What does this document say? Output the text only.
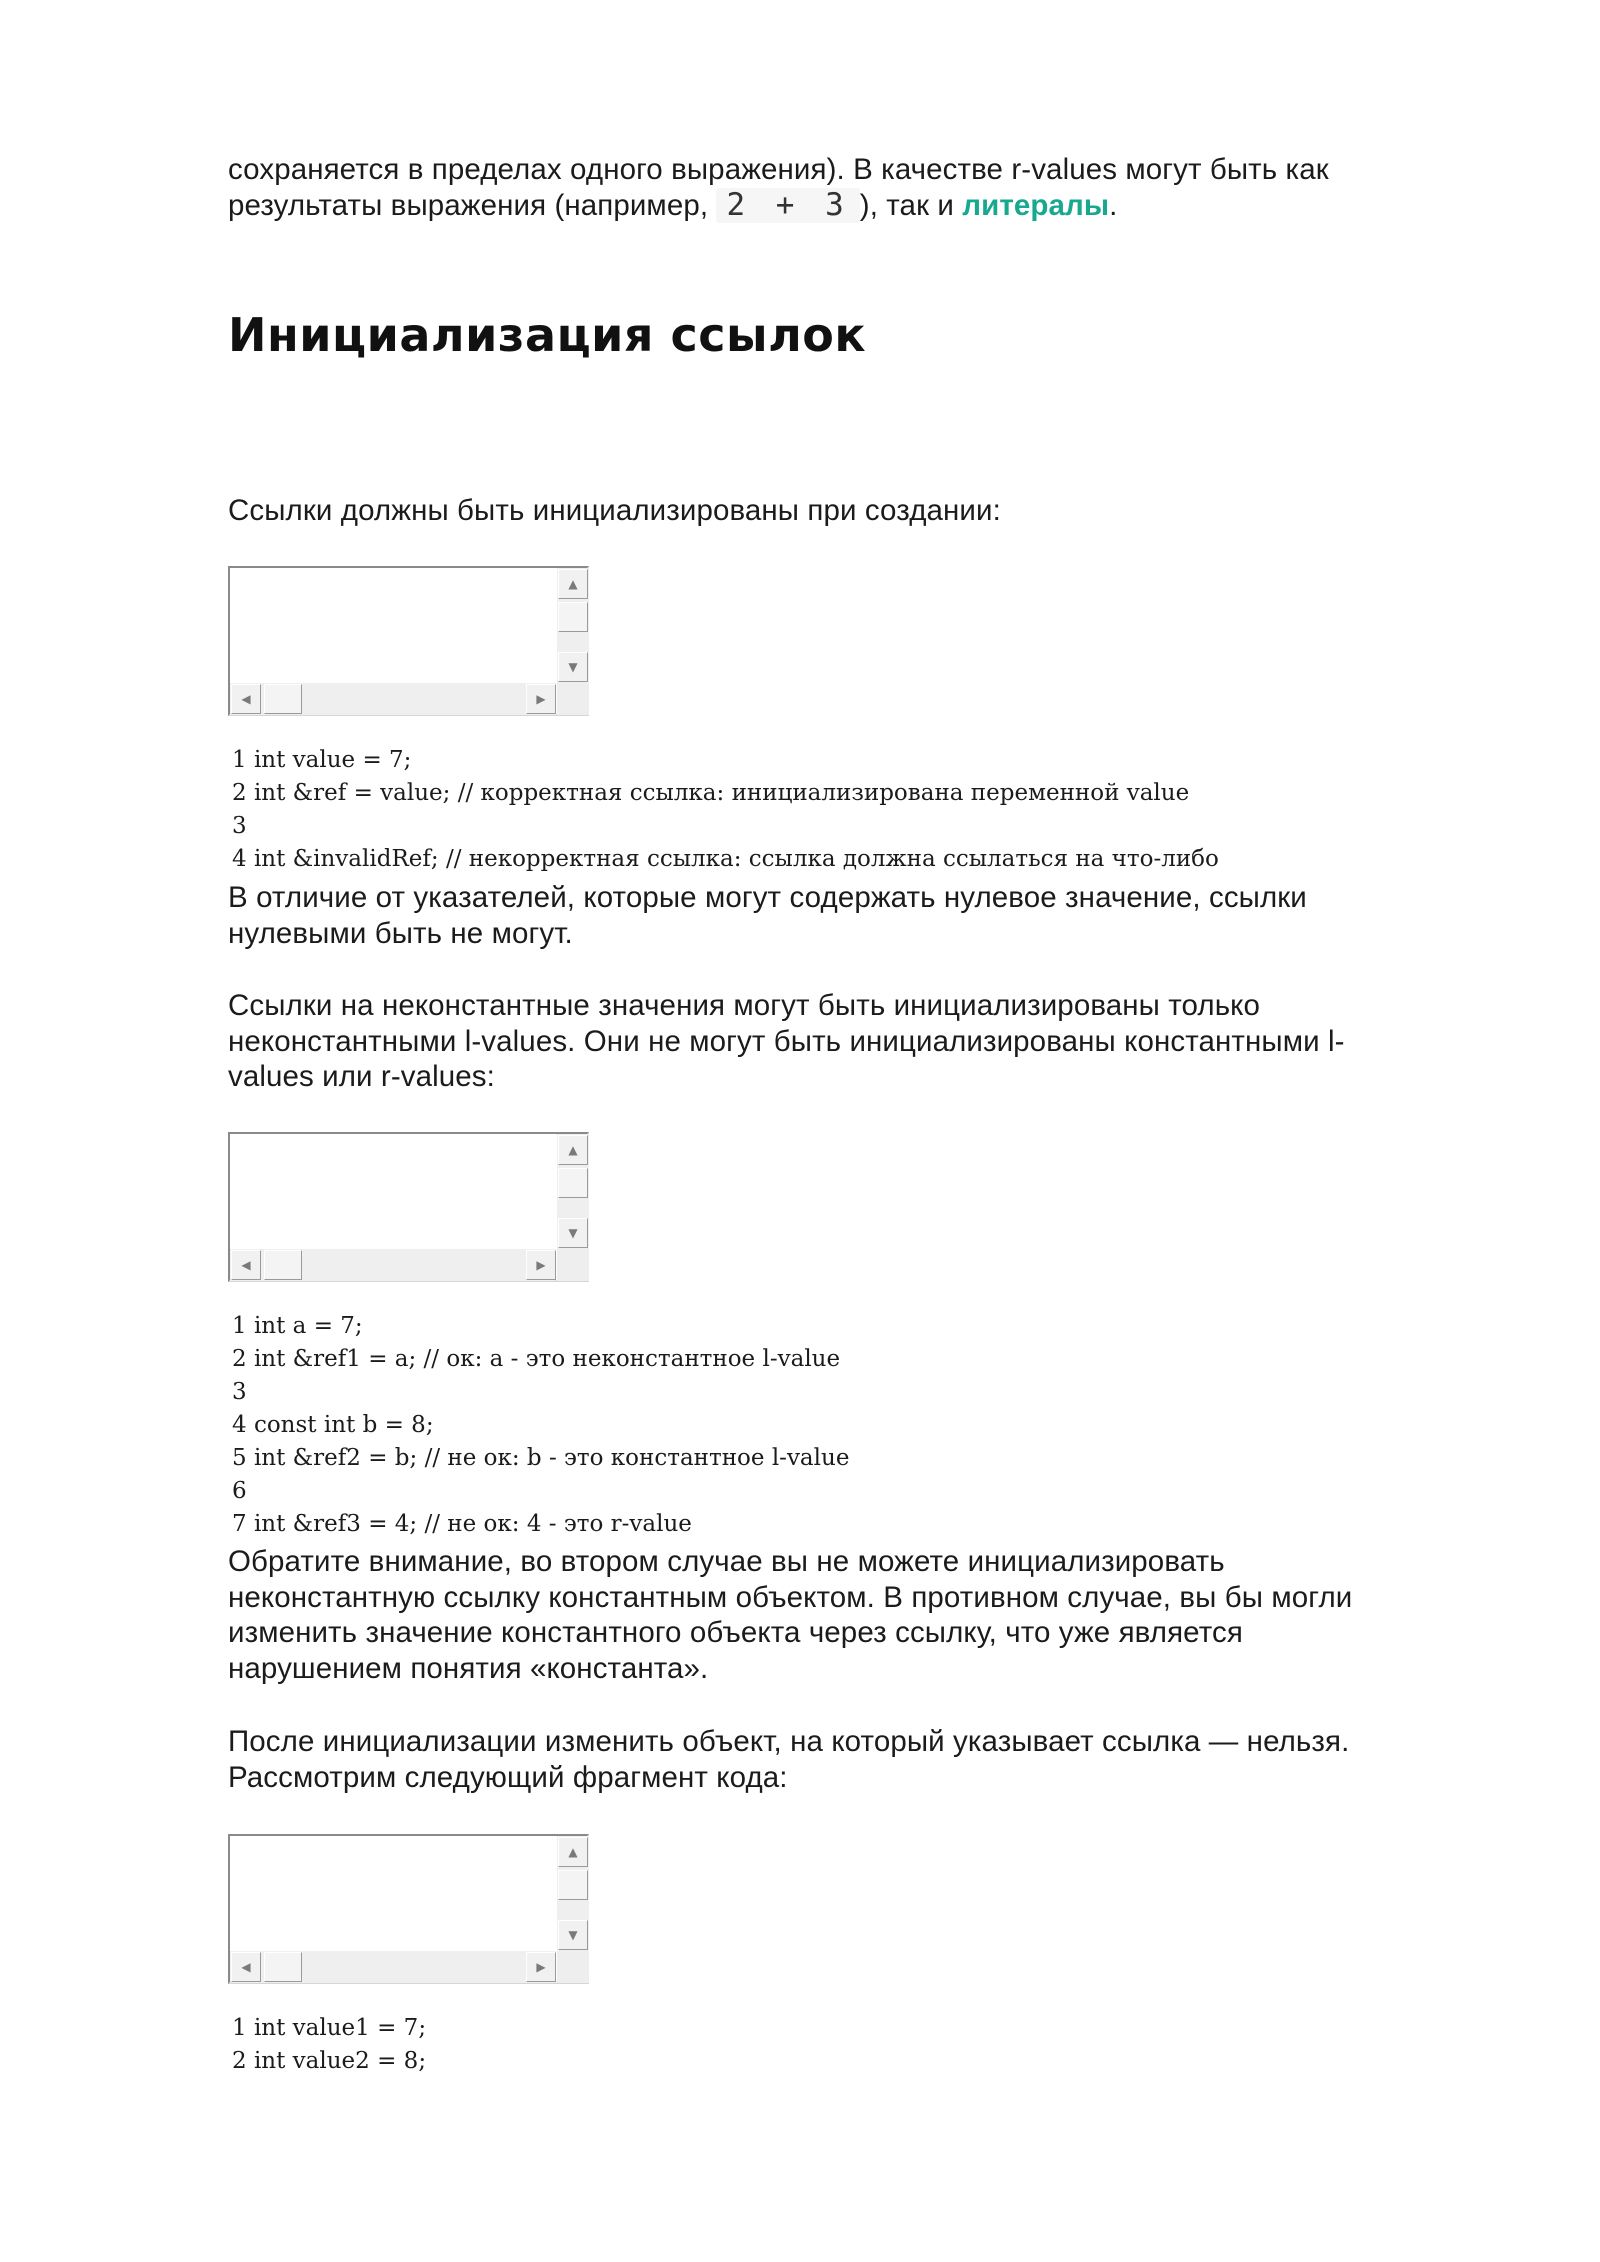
сохраняется в пределах одного выражения). В качестве r-values могут быть как
результаты выражения (например, 2 + 3 ), так и литералы.

Инициализация ссылок

Ссылки должны быть инициализированы при создании:

▲
▼
◀	▶
1 int value = 7;
2 int &ref = value; // корректная ссылка: инициализирована переменной value
3
4 int &invalidRef; // некорректная ссылка: ссылка должна ссылаться на что-либо

В отличие от указателей, которые могут содержать нулевое значение, ссылки
нулевыми быть не могут.

Ссылки на неконстантные значения могут быть инициализированы только
неконстантными l-values. Они не могут быть инициализированы константными l-
values или r-values:

▲
▼
◀	▶
1 int a = 7;
2 int &ref1 = a; // ок: a - это неконстантное l-value
3
4 const int b = 8;
5 int &ref2 = b; // не ок: b - это константное l-value
6
7 int &ref3 = 4; // не ок: 4 - это r-value

Обратите внимание, во втором случае вы не можете инициализировать
неконстантную ссылку константным объектом. В противном случае, вы бы могли
изменить значение константного объекта через ссылку, что уже является
нарушением понятия «константа».

После инициализации изменить объект, на который указывает ссылка — нельзя.
Рассмотрим следующий фрагмент кода:

▲
▼
◀	▶
1 int value1 = 7;
2 int value2 = 8;
